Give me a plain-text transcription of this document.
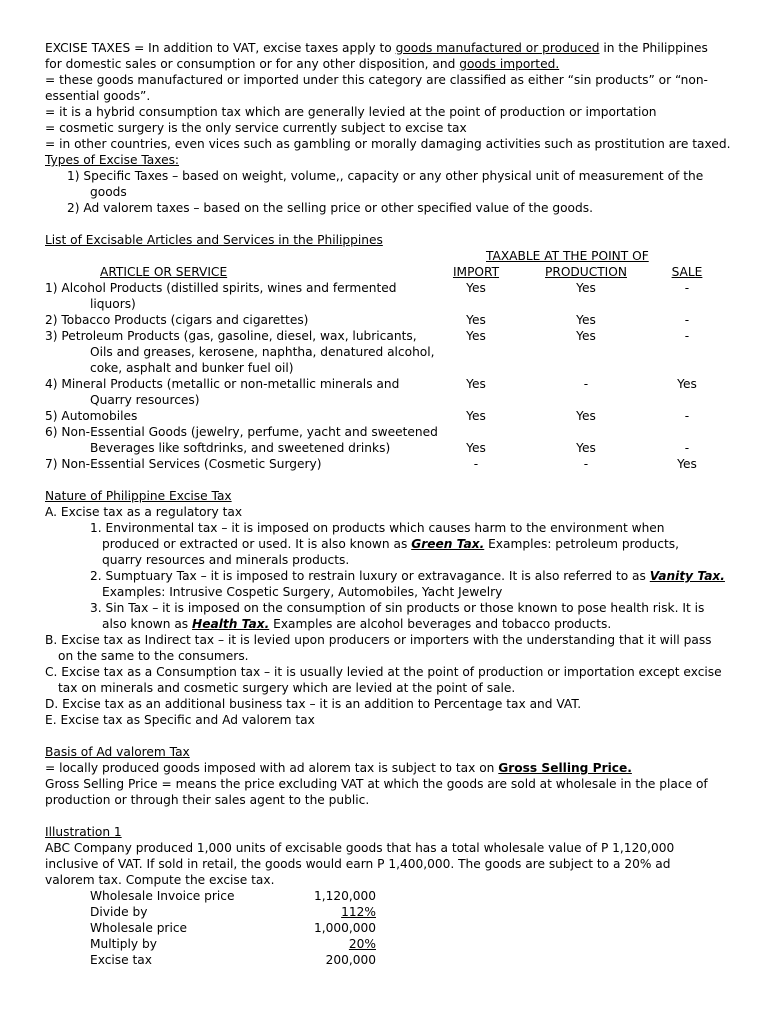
EXCISE TAXES = In addition to VAT, excise taxes apply to goods manufactured or produced in the Philippines
for domestic sales or consumption or for any other disposition, and goods imported.
= these goods manufactured or imported under this category are classified as either “sin products” or “non-
essential goods”.
= it is a hybrid consumption tax which are generally levied at the point of production or importation
= cosmetic surgery is the only service currently subject to excise tax
= in other countries, even vices such as gambling or morally damaging activities such as prostitution are taxed.
Types of Excise Taxes:
1) Specific Taxes – based on weight, volume,, capacity or any other physical unit of measurement of the
goods
2) Ad valorem taxes – based on the selling price or other specified value of the goods.
List of Excisable Articles and Services in the Philippines
TAXABLE AT THE POINT OF
ARTICLE OR SERVICE	IMPORT	PRODUCTION	SALE
1) Alcohol Products (distilled spirits, wines and fermented
liquors)
Yes	Yes	-
2) Tobacco Products (cigars and cigarettes)	Yes	Yes	-
3) Petroleum Products (gas, gasoline, diesel, wax, lubricants,
Oils and greases, kerosene, naphtha, denatured alcohol,
coke, asphalt and bunker fuel oil)
Yes	Yes	-
4) Mineral Products (metallic or non-metallic minerals and
Quarry resources)
Yes	-	Yes
5) Automobiles	Yes	Yes	-
6) Non-Essential Goods (jewelry, perfume, yacht and sweetened
Beverages like softdrinks, and sweetened drinks)	Yes	Yes	-
7) Non-Essential Services (Cosmetic Surgery)	-	-	Yes
Nature of Philippine Excise Tax
A. Excise tax as a regulatory tax
1. Environmental tax – it is imposed on products which causes harm to the environment when
produced or extracted or used. It is also known as Green Tax. Examples: petroleum products,
quarry resources and minerals products.
2. Sumptuary Tax – it is imposed to restrain luxury or extravagance. It is also referred to as Vanity Tax.
Examples: Intrusive Cospetic Surgery, Automobiles, Yacht Jewelry
3. Sin Tax – it is imposed on the consumption of sin products or those known to pose health risk. It is
also known as Health Tax. Examples are alcohol beverages and tobacco products.
B. Excise tax as Indirect tax – it is levied upon producers or importers with the understanding that it will pass
on the same to the consumers.
C. Excise tax as a Consumption tax – it is usually levied at the point of production or importation except excise
tax on minerals and cosmetic surgery which are levied at the point of sale.
D. Excise tax as an additional business tax – it is an addition to Percentage tax and VAT.
E. Excise tax as Specific and Ad valorem tax
Basis of Ad valorem Tax
= locally produced goods imposed with ad alorem tax is subject to tax on Gross Selling Price.
Gross Selling Price = means the price excluding VAT at which the goods are sold at wholesale in the place of
production or through their sales agent to the public.
Illustration 1
ABC Company produced 1,000 units of excisable goods that has a total wholesale value of P 1,120,000
inclusive of VAT. If sold in retail, the goods would earn P 1,400,000. The goods are subject to a 20% ad
valorem tax. Compute the excise tax.
Wholesale Invoice price	1,120,000
Divide by	112%
Wholesale price	1,000,000
Multiply by	20%
Excise tax	200,000
